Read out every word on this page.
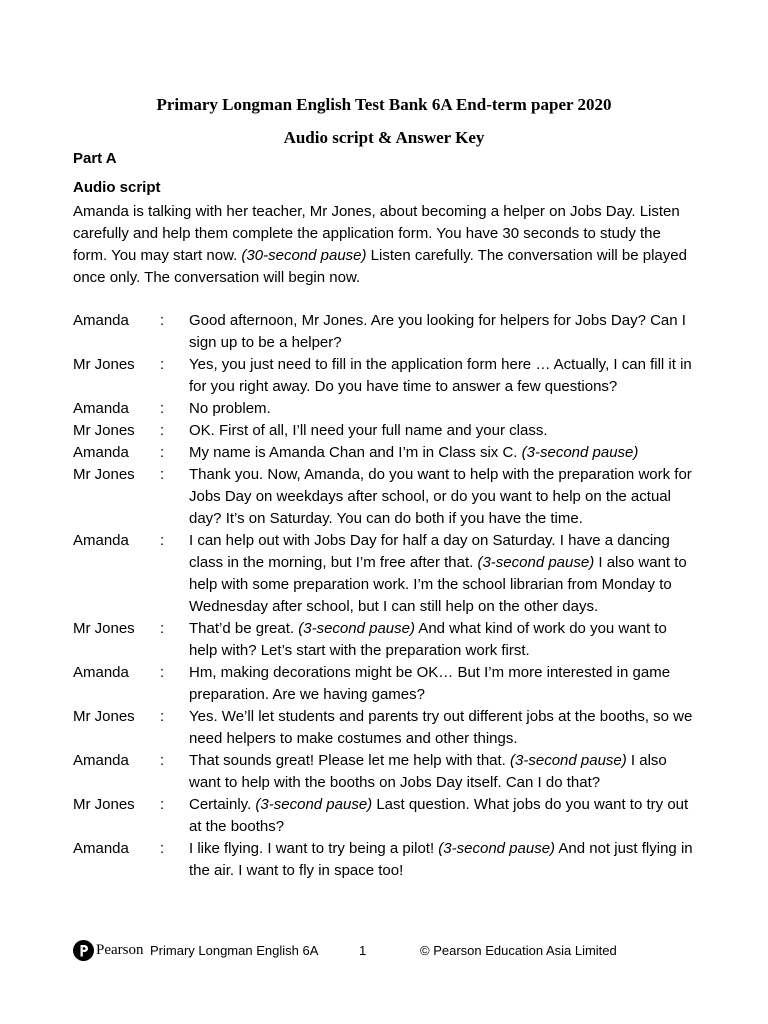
Primary Longman English Test Bank 6A End-term paper 2020
Audio script & Answer Key
Part A
Audio script
Amanda is talking with her teacher, Mr Jones, about becoming a helper on Jobs Day. Listen carefully and help them complete the application form. You have 30 seconds to study the form. You may start now. (30-second pause) Listen carefully. The conversation will be played once only. The conversation will begin now.
Amanda	:	Good afternoon, Mr Jones. Are you looking for helpers for Jobs Day? Can I sign up to be a helper?
Mr Jones	:	Yes, you just need to fill in the application form here … Actually, I can fill it in for you right away. Do you have time to answer a few questions?
Amanda	:	No problem.
Mr Jones	:	OK. First of all, I’ll need your full name and your class.
Amanda	:	My name is Amanda Chan and I’m in Class six C. (3-second pause)
Mr Jones	:	Thank you. Now, Amanda, do you want to help with the preparation work for Jobs Day on weekdays after school, or do you want to help on the actual day? It’s on Saturday. You can do both if you have the time.
Amanda	:	I can help out with Jobs Day for half a day on Saturday. I have a dancing class in the morning, but I’m free after that. (3-second pause) I also want to help with some preparation work. I’m the school librarian from Monday to Wednesday after school, but I can still help on the other days.
Mr Jones	:	That’d be great. (3-second pause) And what kind of work do you want to help with? Let’s start with the preparation work first.
Amanda	:	Hm, making decorations might be OK… But I’m more interested in game preparation. Are we having games?
Mr Jones	:	Yes. We’ll let students and parents try out different jobs at the booths, so we need helpers to make costumes and other things.
Amanda	:	That sounds great! Please let me help with that. (3-second pause) I also want to help with the booths on Jobs Day itself. Can I do that?
Mr Jones	:	Certainly. (3-second pause) Last question. What jobs do you want to try out at the booths?
Amanda	:	I like flying. I want to try being a pilot! (3-second pause) And not just flying in the air. I want to fly in space too!
Pearson Primary Longman English 6A	1	© Pearson Education Asia Limited
